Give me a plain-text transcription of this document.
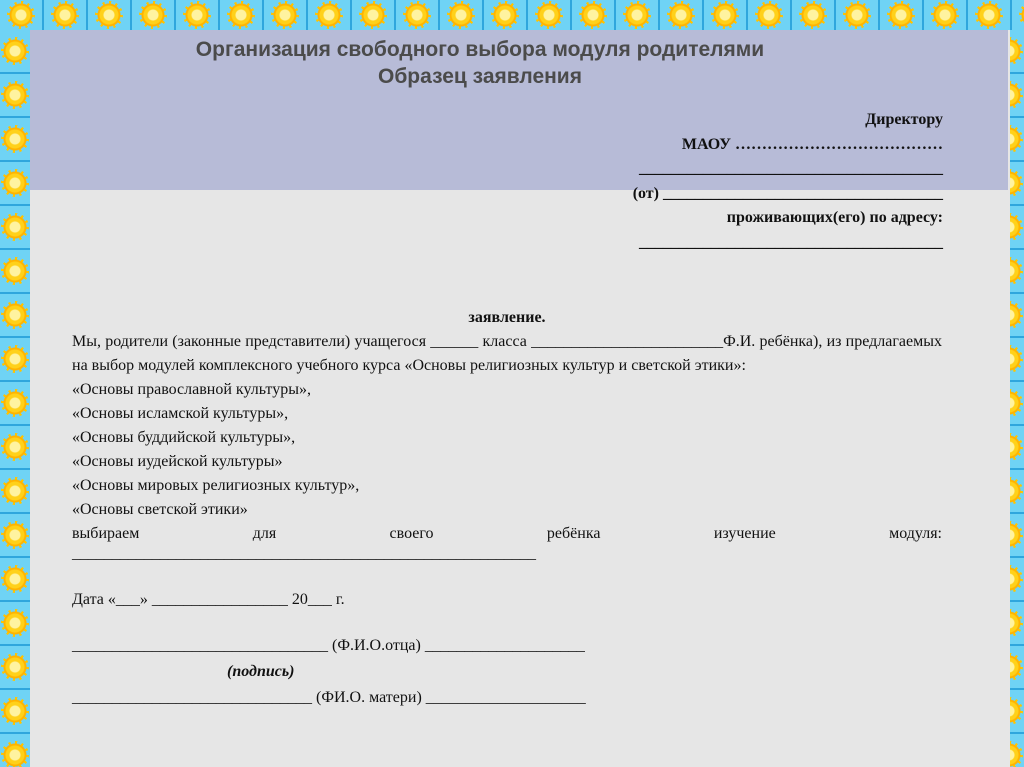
Организация свободного выбора модуля родителями
Образец заявления
Директору
МАОУ …………………………………
______________________________________
(от) ___________________________________
проживающих(его) по адресу:
______________________________________
заявление.
Мы, родители (законные представители) учащегося ______ класса ________________________Ф.И. ребёнка), из предлагаемых на выбор модулей комплексного учебного курса «Основы религиозных культур и светской этики»:
«Основы православной культуры»,
«Основы исламской культуры»,
«Основы буддийской культуры»,
«Основы иудейской культуры»
«Основы мировых религиозных культур»,
«Основы светской этики»
выбираем	для	своего	ребёнка	изучение	модуля:
__________________________________________________________
Дата «___» _________________ 20___ г.
________________________________ (Ф.И.О.отца) ____________________
(подпись)
______________________________ (ФИ.О. матери) ____________________
